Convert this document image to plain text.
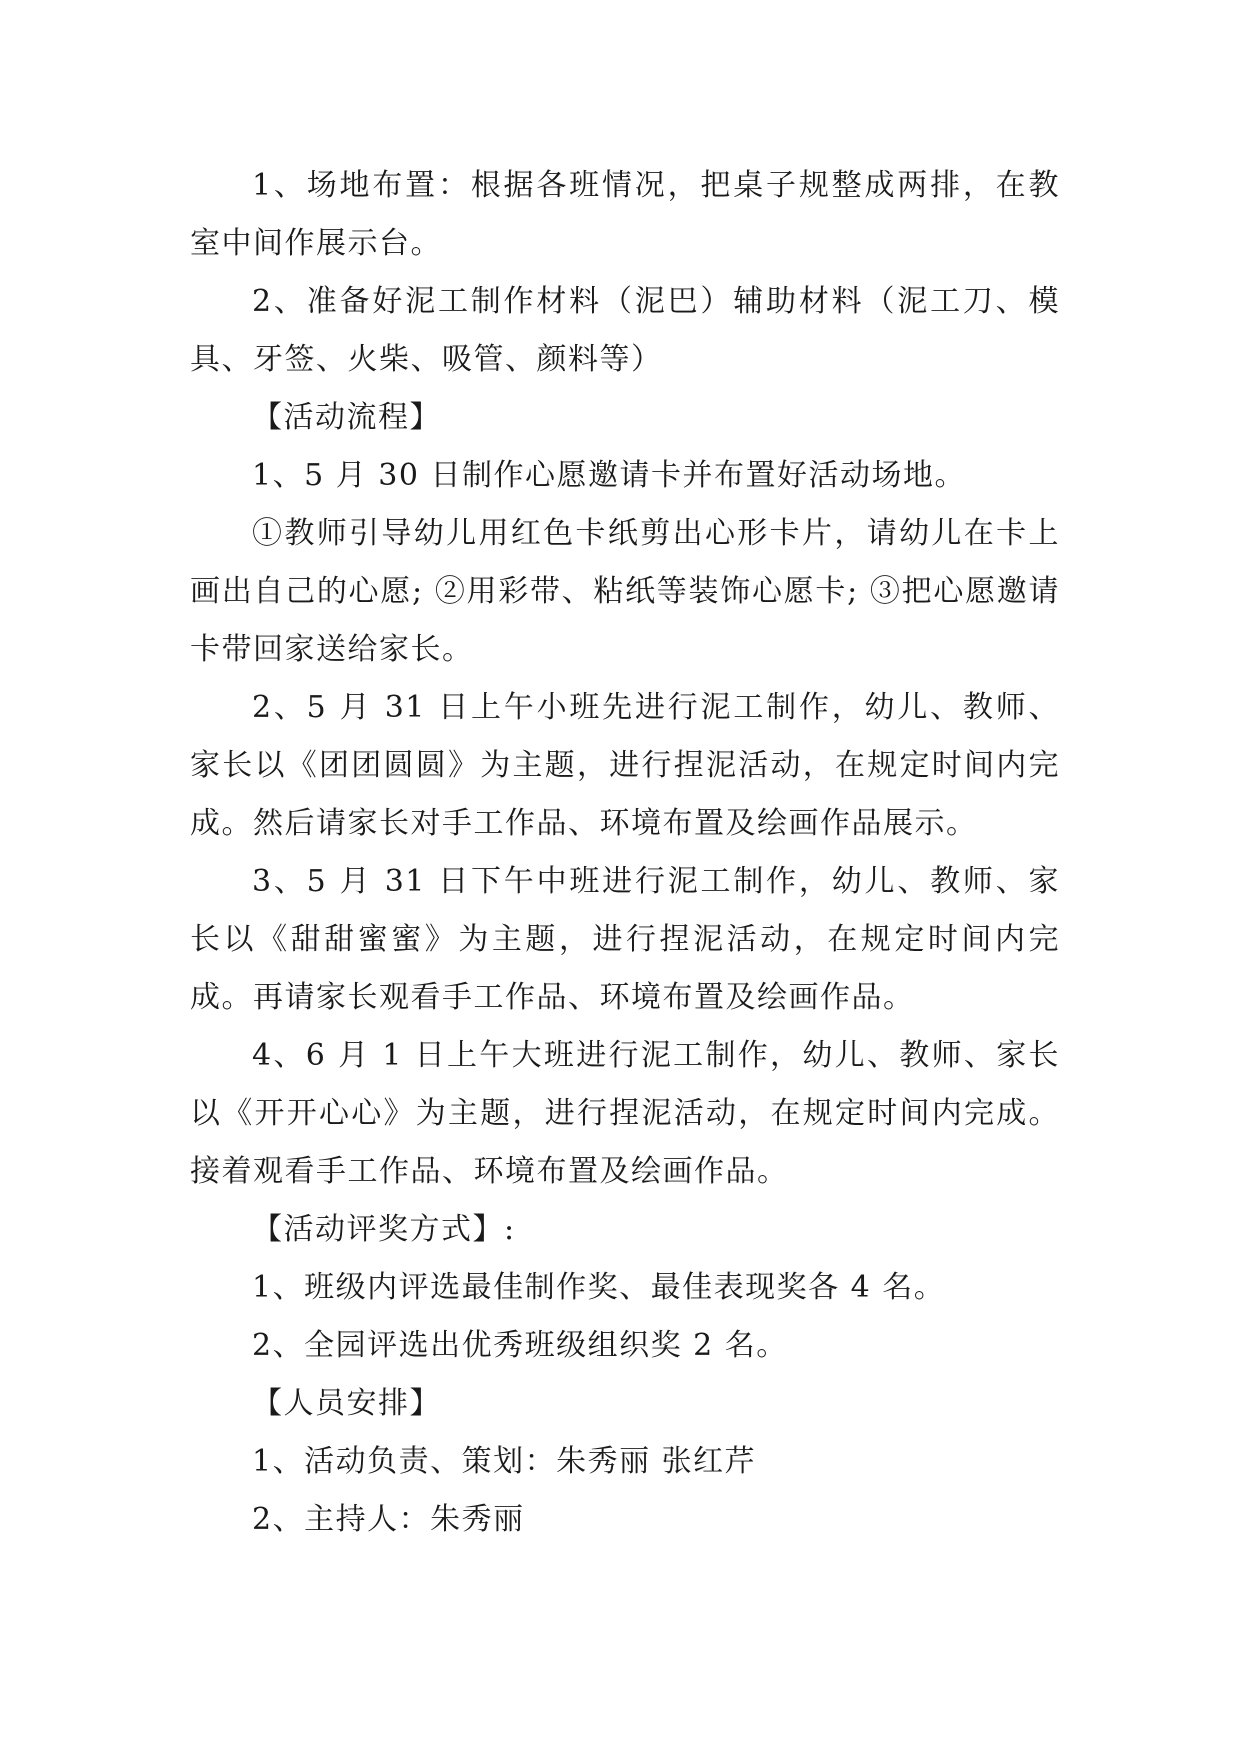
1、场地布置：根据各班情况，把桌子规整成两排，在教室中间作展示台。

2、准备好泥工制作材料（泥巴）辅助材料（泥工刀、模具、牙签、火柴、吸管、颜料等）

【活动流程】

1、5 月 30 日制作心愿邀请卡并布置好活动场地。

①教师引导幼儿用红色卡纸剪出心形卡片，请幼儿在卡上画出自己的心愿; ②用彩带、粘纸等装饰心愿卡; ③把心愿邀请卡带回家送给家长。

2、5 月 31 日上午小班先进行泥工制作，幼儿、教师、家长以《团团圆圆》为主题，进行捏泥活动，在规定时间内完成。然后请家长对手工作品、环境布置及绘画作品展示。

3、5 月 31 日下午中班进行泥工制作，幼儿、教师、家长以《甜甜蜜蜜》为主题，进行捏泥活动，在规定时间内完成。再请家长观看手工作品、环境布置及绘画作品。

4、6 月 1 日上午大班进行泥工制作，幼儿、教师、家长以《开开心心》为主题，进行捏泥活动，在规定时间内完成。接着观看手工作品、环境布置及绘画作品。

【活动评奖方式】:

1、班级内评选最佳制作奖、最佳表现奖各 4 名。

2、全园评选出优秀班级组织奖 2 名。

【人员安排】

1、活动负责、策划：朱秀丽 张红芹

2、主持人：朱秀丽
